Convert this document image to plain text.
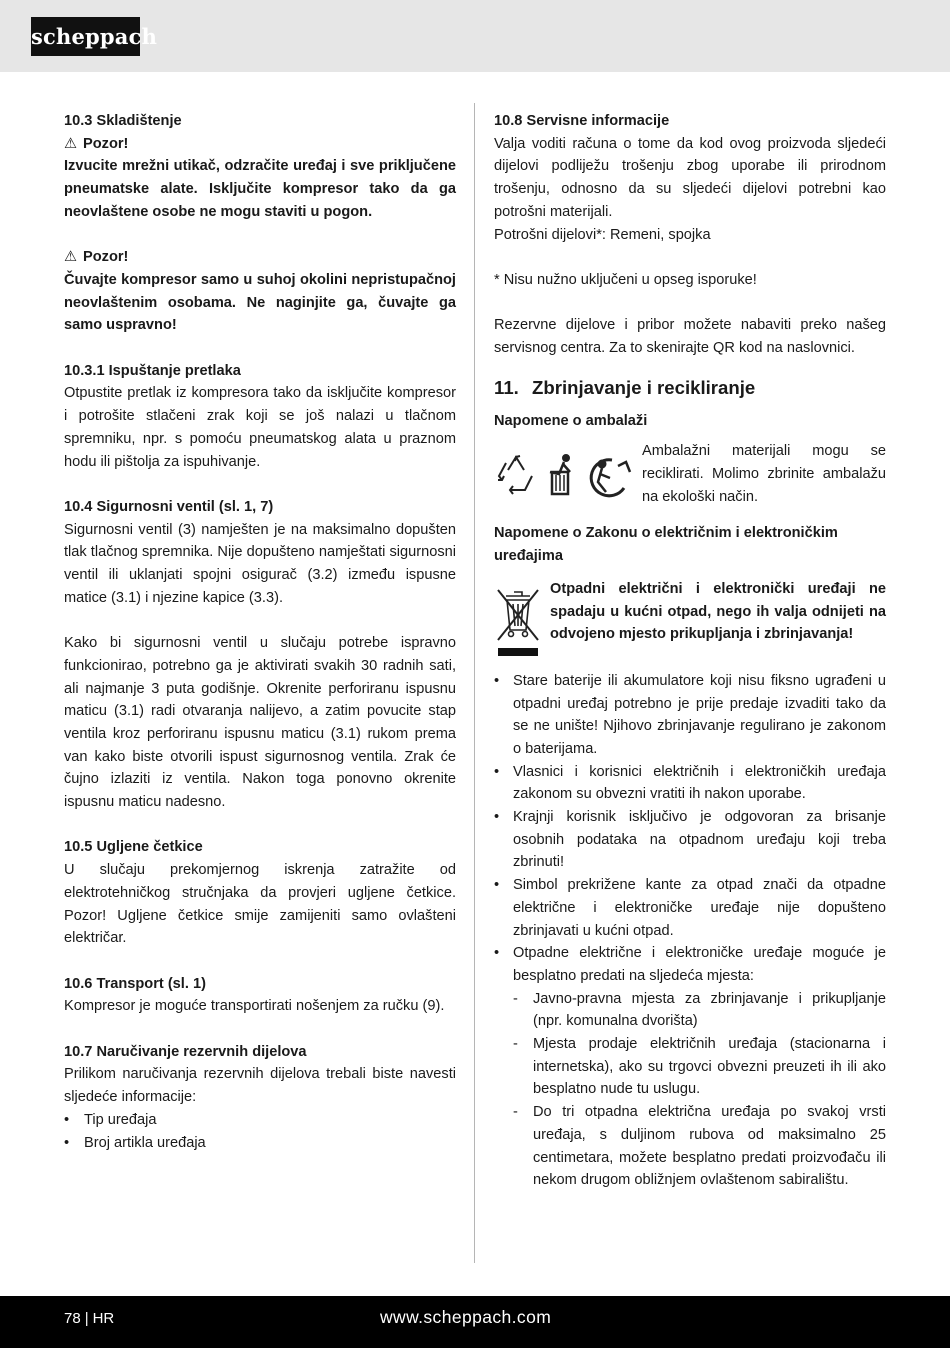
scheppach

10.3 Skladištenje

⚠ Pozor!

Izvucite mrežni utikač, odzračite uređaj i sve priključene pneumatske alate. Isključite kompresor tako da ga neovlaštene osobe ne mogu staviti u pogon.

⚠ Pozor!

Čuvajte kompresor samo u suhoj okolini nepristupačnoj neovlaštenim osobama. Ne naginjite ga, čuvajte ga samo uspravno!

10.3.1 Ispuštanje pretlaka

Otpustite pretlak iz kompresora tako da isključite kompresor i potrošite stlačeni zrak koji se još nalazi u tlačnom spremniku, npr. s pomoću pneumatskog alata u praznom hodu ili pištolja za ispuhivanje.

10.4 Sigurnosni ventil (sl. 1, 7)

Sigurnosni ventil (3) namješten je na maksimalno dopušten tlak tlačnog spremnika. Nije dopušteno namještati sigurnosni ventil ili uklanjati spojni osigurač (3.2) između ispusne matice (3.1) i njezine kapice (3.3).

Kako bi sigurnosni ventil u slučaju potrebe ispravno funkcionirao, potrebno ga je aktivirati svakih 30 radnih sati, ali najmanje 3 puta godišnje. Okrenite perforiranu ispusnu maticu (3.1) radi otvaranja nalijevo, a zatim povucite stap ventila kroz perforiranu ispusnu maticu (3.1) rukom prema van kako biste otvorili ispust sigurnosnog ventila. Zrak će čujno izlaziti iz ventila. Nakon toga ponovno okrenite ispusnu maticu nadesno.

10.5 Ugljene četkice

U slučaju prekomjernog iskrenja zatražite od elektrotehničkog stručnjaka da provjeri ugljene četkice. Pozor! Ugljene četkice smije zamijeniti samo ovlašteni električar.

10.6 Transport (sl. 1)

Kompresor je moguće transportirati nošenjem za ručku (9).

10.7 Naručivanje rezervnih dijelova

Prilikom naručivanja rezervnih dijelova trebali biste navesti sljedeće informacije:

• Tip uređaja
• Broj artikla uređaja

10.8 Servisne informacije

Valja voditi računa o tome da kod ovog proizvoda sljedeći dijelovi podliježu trošenju zbog uporabe ili prirodnom trošenju, odnosno da su sljedeći dijelovi potrebni kao potrošni materijali.

Potrošni dijelovi*: Remeni, spojka

* Nisu nužno uključeni u opseg isporuke!

Rezervne dijelove i pribor možete nabaviti preko našeg servisnog centra. Za to skenirajte QR kod na naslovnici.

11. Zbrinjavanje i recikliranje

Napomene o ambalaži

Ambalažni materijali mogu se reciklirati. Molimo zbrinite ambalažu na ekološki način.

Napomene o Zakonu o električnim i elektroničkim uređajima

Otpadni električni i elektronički uređaji ne spadaju u kućni otpad, nego ih valja odnijeti na odvojeno mjesto prikupljanja i zbrinjavanja!

• Stare baterije ili akumulatore koji nisu fiksno ugrađeni u otpadni uređaj potrebno je prije predaje izvaditi tako da se ne unište! Njihovo zbrinjavanje regulirano je zakonom o baterijama.
• Vlasnici i korisnici električnih i elektroničkih uređaja zakonom su obvezni vratiti ih nakon uporabe.
• Krajnji korisnik isključivo je odgovoran za brisanje osobnih podataka na otpadnom uređaju koji treba zbrinuti!
• Simbol prekrižene kante za otpad znači da otpadne električne i elektroničke uređaje nije dopušteno zbrinjavati u kućni otpad.
• Otpadne električne i elektroničke uređaje moguće je besplatno predati na sljedeća mjesta:
- Javno-pravna mjesta za zbrinjavanje i prikupljanje (npr. komunalna dvorišta)
- Mjesta prodaje električnih uređaja (stacionarna i internetska), ako su trgovci obvezni preuzeti ih ili ako besplatno nude tu uslugu.
- Do tri otpadna električna uređaja po svakoj vrsti uređaja, s duljinom rubova od maksimalno 25 centimetara, možete besplatno predati proizvođaču ili nekom drugom obližnjem ovlaštenom sabiralištu.
78 | HR	www.scheppach.com
